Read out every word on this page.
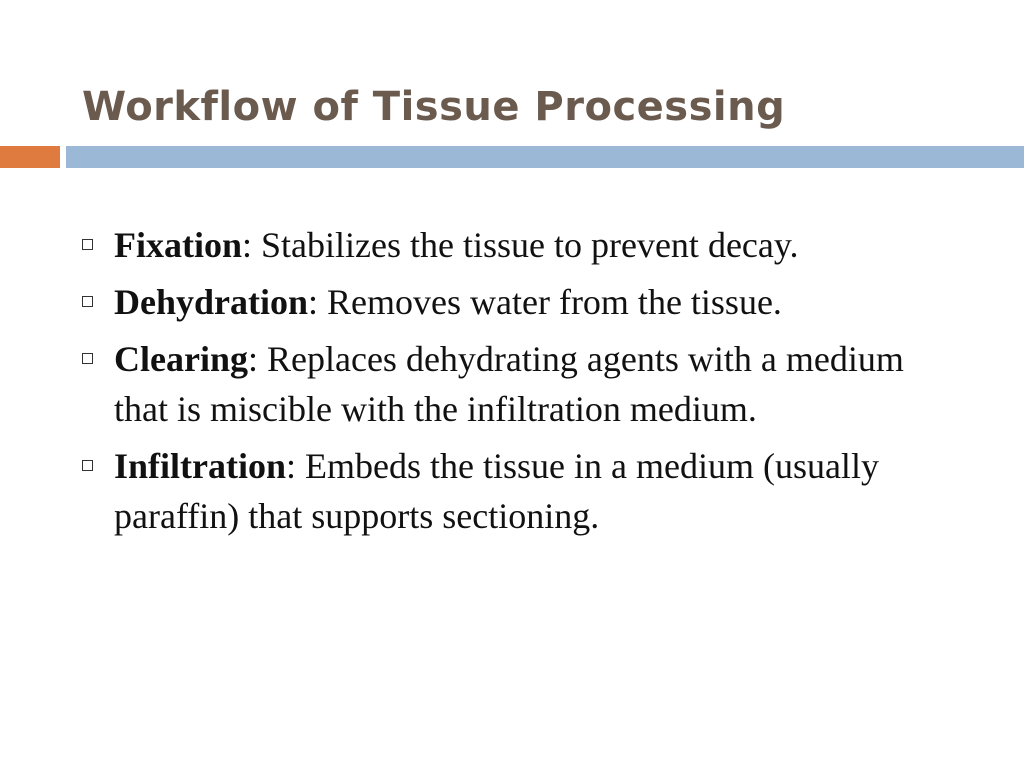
Workflow of Tissue Processing
Fixation: Stabilizes the tissue to prevent decay.
Dehydration: Removes water from the tissue.
Clearing: Replaces dehydrating agents with a medium that is miscible with the infiltration medium.
Infiltration: Embeds the tissue in a medium (usually paraffin) that supports sectioning.
